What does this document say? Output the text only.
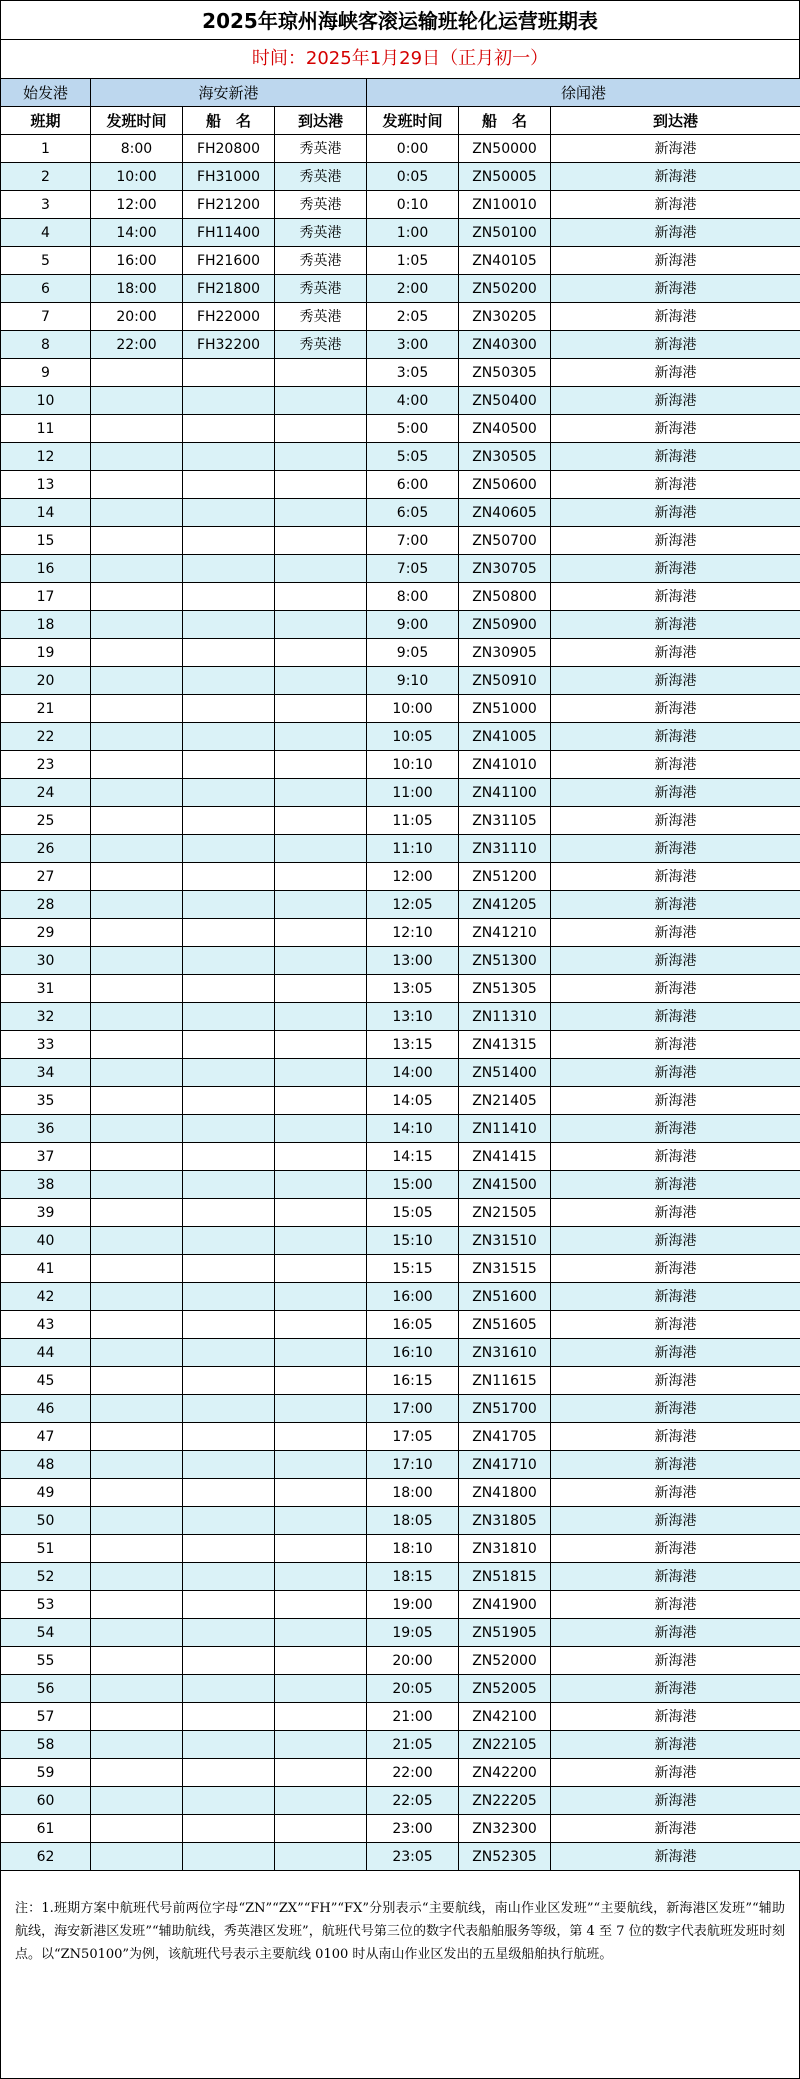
2025年琼州海峡客滚运输班轮化运营班期表
时间：2025年1月29日（正月初一）
始发港	海安新港			徐闻港		
班期	发班时间	船　名	到达港	发班时间	船　名	到达港
1	8:00	FH20800	秀英港	0:00	ZN50000	新海港
2	10:00	FH31000	秀英港	0:05	ZN50005	新海港
3	12:00	FH21200	秀英港	0:10	ZN10010	新海港
4	14:00	FH11400	秀英港	1:00	ZN50100	新海港
5	16:00	FH21600	秀英港	1:05	ZN40105	新海港
6	18:00	FH21800	秀英港	2:00	ZN50200	新海港
7	20:00	FH22000	秀英港	2:05	ZN30205	新海港
8	22:00	FH32200	秀英港	3:00	ZN40300	新海港
9				3:05	ZN50305	新海港
10				4:00	ZN50400	新海港
11				5:00	ZN40500	新海港
12				5:05	ZN30505	新海港
13				6:00	ZN50600	新海港
14				6:05	ZN40605	新海港
15				7:00	ZN50700	新海港
16				7:05	ZN30705	新海港
17				8:00	ZN50800	新海港
18				9:00	ZN50900	新海港
19				9:05	ZN30905	新海港
20				9:10	ZN50910	新海港
21				10:00	ZN51000	新海港
22				10:05	ZN41005	新海港
23				10:10	ZN41010	新海港
24				11:00	ZN41100	新海港
25				11:05	ZN31105	新海港
26				11:10	ZN31110	新海港
27				12:00	ZN51200	新海港
28				12:05	ZN41205	新海港
29				12:10	ZN41210	新海港
30				13:00	ZN51300	新海港
31				13:05	ZN51305	新海港
32				13:10	ZN11310	新海港
33				13:15	ZN41315	新海港
34				14:00	ZN51400	新海港
35				14:05	ZN21405	新海港
36				14:10	ZN11410	新海港
37				14:15	ZN41415	新海港
38				15:00	ZN41500	新海港
39				15:05	ZN21505	新海港
40				15:10	ZN31510	新海港
41				15:15	ZN31515	新海港
42				16:00	ZN51600	新海港
43				16:05	ZN51605	新海港
44				16:10	ZN31610	新海港
45				16:15	ZN11615	新海港
46				17:00	ZN51700	新海港
47				17:05	ZN41705	新海港
48				17:10	ZN41710	新海港
49				18:00	ZN41800	新海港
50				18:05	ZN31805	新海港
51				18:10	ZN31810	新海港
52				18:15	ZN51815	新海港
53				19:00	ZN41900	新海港
54				19:05	ZN51905	新海港
55				20:00	ZN52000	新海港
56				20:05	ZN52005	新海港
57				21:00	ZN42100	新海港
58				21:05	ZN22105	新海港
59				22:00	ZN42200	新海港
60				22:05	ZN22205	新海港
61				23:00	ZN32300	新海港
62				23:05	ZN52305	新海港
注：1.班期方案中航班代号前两位字母“ZN”“ZX”“FH”“FX”分别表示“主要航线，南山作业区发班”“主要航线，新海港区发班”“辅助航线，海安新港区发班”“辅助航线，秀英港区发班”，航班代号第三位的数字代表船舶服务等级，第 4 至 7 位的数字代表航班发班时刻点。以“ZN50100”为例，该航班代号表示主要航线 0100 时从南山作业区发出的五星级船舶执行航班。
